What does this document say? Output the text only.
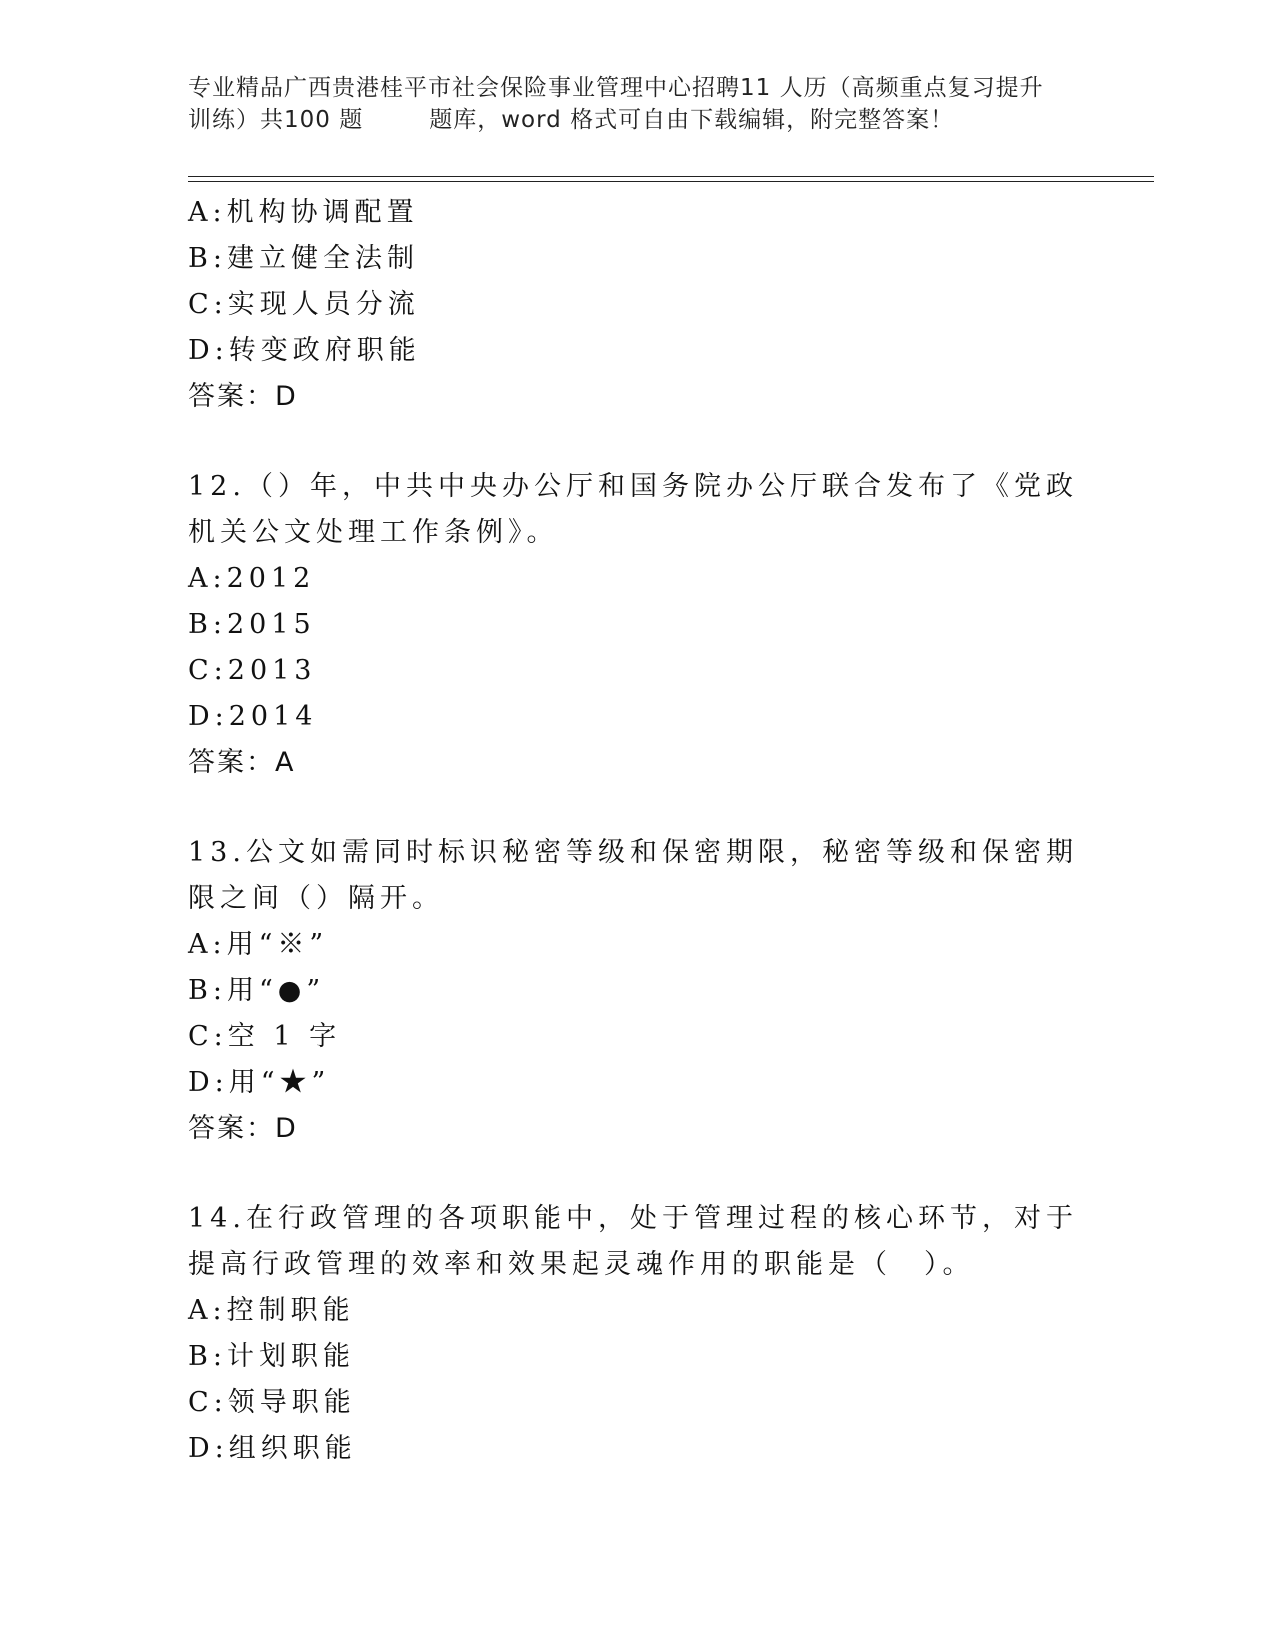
专业精品广西贵港桂平市社会保险事业管理中心招聘11 人历（高频重点复习提升
训练）共100 题	题库，word 格式可自由下载编辑，附完整答案！
A:机构协调配置
B:建立健全法制
C:实现人员分流
D:转变政府职能
答案：D
12.（）年，中共中央办公厅和国务院办公厅联合发布了《党政机关公文处理工作条例》。
A:2012
B:2015
C:2013
D:2014
答案：A
13.公文如需同时标识秘密等级和保密期限，秘密等级和保密期限之间（）隔开。
A:用“※”
B:用“●”
C:空 1 字
D:用“★”
答案：D
14.在行政管理的各项职能中，处于管理过程的核心环节，对于提高行政管理的效率和效果起灵魂作用的职能是（　）。
A:控制职能
B:计划职能
C:领导职能
D:组织职能
